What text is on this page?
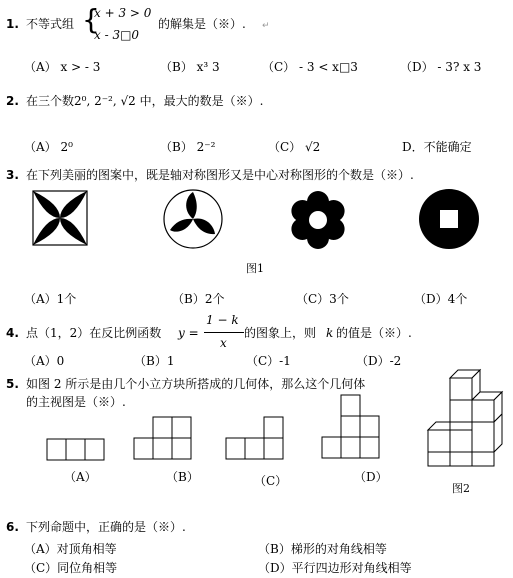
1. 不等式组 {
x + 3 > 0
x - 3□0
的解集是（※）. ↵
（A） x > - 3	（B） x³ 3	（C） - 3 < x□3	（D） - 3? x 3
2. 在三个数2⁰, 2⁻², √2 中，最大的数是（※）.
（A） 2⁰	（B） 2⁻²	（C） √2	D．不能确定
3. 在下列美丽的图案中，既是轴对称图形又是中心对称图形的个数是（※）.
图1
（A）1个	（B）2个	（C）3个	（D）4个
4. 点（1，2）在反比例函数 y =
1 − k
x
的图象上，则 k 的值是（※）.
（A）0	（B）1	（C）-1	（D）-2
5. 如图 2 所示是由几个小立方块所搭成的几何体，那么这个几何体
的主视图是（※）.
（A）	（B）	（C）	（D）
图2
6. 下列命题中，正确的是（※）.
（A）对顶角相等	（B）梯形的对角线相等
（C）同位角相等	（D）平行四边形对角线相等
